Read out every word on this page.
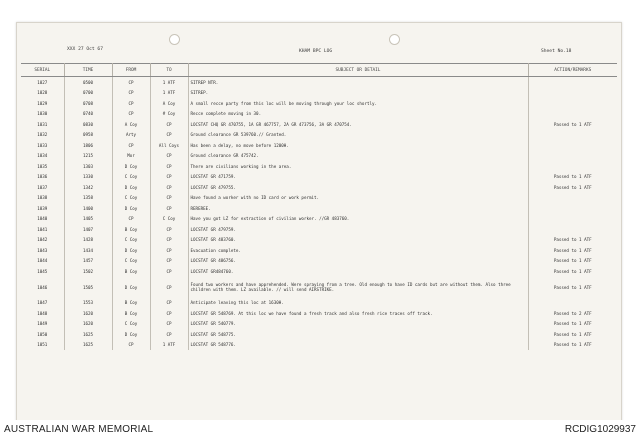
XXX 27 Oct 67	KHAM BPC LOG	Sheet No.18
SERIAL	TIME	FROM	TO	SUBJECT OR DETAIL	ACTION/REMARKS
1027	0500	CP	1 ATF	SITREP NTR.	
1028	0700	CP	1 ATF	SITREP.	
1029	0708	CP	A Coy	A small recce party from this loc will be moving through your loc shortly.	
1030	0740	CP	# Coy	Recce complete moving in 30.	
1031	0830	A Coy	CP	LOCSTAT CHQ GR 470755, 1A GR 467757, 2A GR 473756, 3A GR 470754.	Passed to 1 ATF
1032	0958	Arty	CP	Ground clearance GR 539760.// Granted.	
1033	1806	CP	All Coys	Has been a delay, no move before 1200H.	
1034	1215	Mor	CP	Ground clearance GR 475742.	
1035	1303	D Coy	CP	There are civilians working in the area.	
1036	1330	C Coy	CP	LOCSTAT GR 471759.	Passed to 1 ATF
1037	1342	D Coy	CP	LOCSTAT GR 479755.	Passed to 1 ATF
1038	1358	C Coy	CP	Have found a worker with no ID card or work permit.	
1039	1400	D Coy	CP	REREREE.	
1040	1405	CP	C Coy	Have you got LZ for extraction of civilian worker. //GR 483760.	
1041	1407	B Coy	CP	LOCSTAT GR 479759.	
1042	1428	C Coy	CP	LOCSTAT GR 483760.	Passed to 1 ATF
1043	1434	D Coy	CP	Evacuation complete.	Passed to 1 ATF
1044	1457	C Coy	CP	LOCSTAT GR 486756.	Passed to 1 ATF
1045	1502	B Coy	CP	LOCSTAT GR484760.	Passed to 1 ATF
1046	1505	D Coy	CP	Found two workers and have apprehended. Were spraying from a tree. Old enough to have ID cards but are without them. Also three children with them. LZ available. // will send AIRSTRIKE.	Passed to 1 ATF
1047	1553	B Coy	CP	Anticipate leaving this loc at 1630H.	
1048	1620	B Coy	CP	LOCSTAT GR 548769. At this loc we have found a fresh track and also fresh rice traces off track.	Passed to 2 ATF
1049	1620	C Coy	CP	LOCSTAT GR 540779.	Passed to 1 ATF
1050	1625	D Coy	CP	LOCSTAT GR 548775.	Passed to 1 ATF
1051	1625	CP	1 ATF	LOCSTAT GR 548776.	Passed to 1 ATF
AUSTRALIAN WAR MEMORIAL	RCDIG1029937
